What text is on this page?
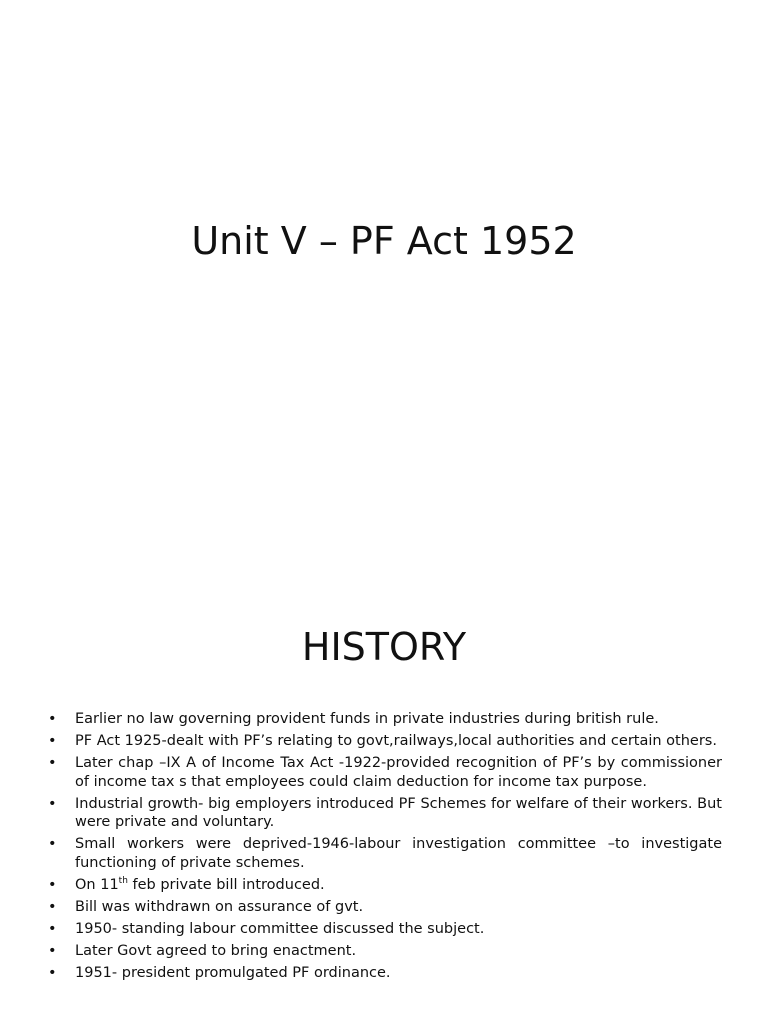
Unit V – PF Act 1952
HISTORY
• Earlier no law governing provident funds in private industries during british rule.
• PF Act 1925-dealt with PF’s relating to govt,railways,local authorities and certain others.
• Later chap –IX A of Income Tax Act -1922-provided recognition of PF’s by commissioner of income tax s that employees could claim deduction for income tax purpose.
• Industrial growth- big employers introduced PF Schemes for welfare of their workers. But were private and voluntary.
• Small workers were deprived-1946-labour investigation committee –to investigate functioning of private schemes.
• On 11th feb private bill introduced.
• Bill was withdrawn on assurance of gvt.
• 1950- standing labour committee discussed the subject.
• Later Govt agreed to bring enactment.
• 1951- president promulgated PF ordinance.
